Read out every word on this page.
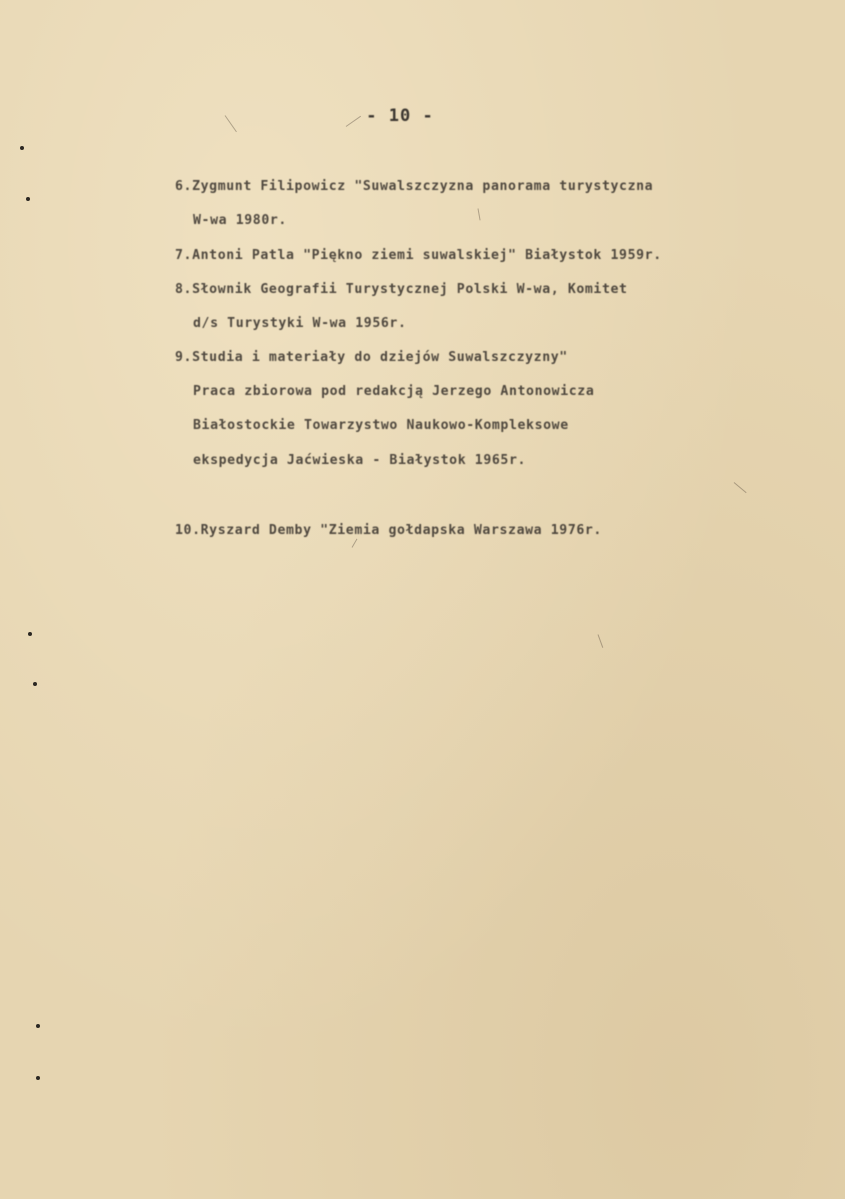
- 10 -
6.Zygmunt Filipowicz "Suwalszczyzna panorama turystyczna
W-wa 1980r.
7.Antoni Patla "Piękno ziemi suwalskiej" Białystok 1959r.
8.Słownik Geografii Turystycznej Polski W-wa, Komitet
d/s Turystyki W-wa 1956r.
9.Studia i materiały do dziejów Suwalszczyzny"
Praca zbiorowa pod redakcją Jerzego Antonowicza
Białostockie Towarzystwo Naukowo-Kompleksowe
ekspedycja Jaćwieska - Białystok 1965r.
10.Ryszard Demby "Ziemia gołdapska Warszawa 1976r.
